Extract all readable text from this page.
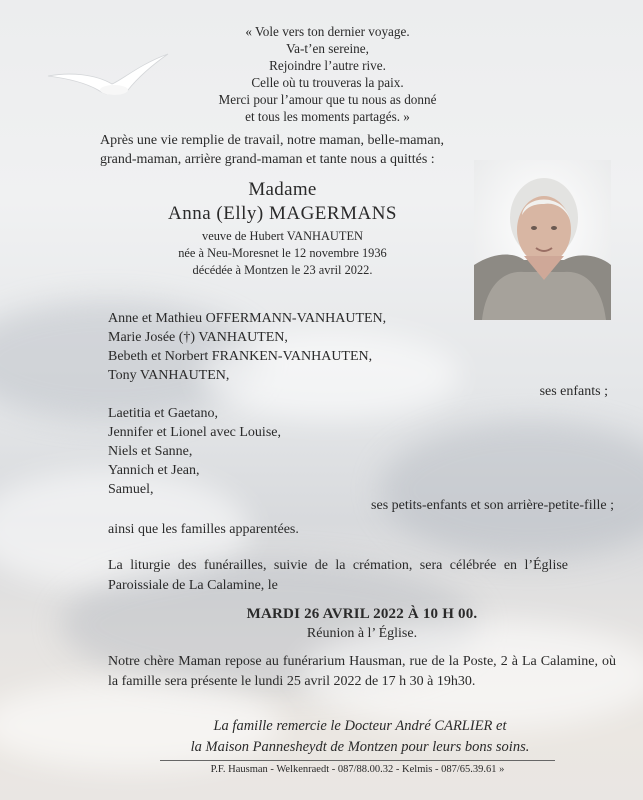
« Vole vers ton dernier voyage.
Va-t’en sereine,
Rejoindre l’autre rive.
Celle où tu trouveras la paix.
Merci pour l’amour que tu nous as donné
et tous les moments partagés. »
Après une vie remplie de travail, notre maman, belle-maman,
grand-maman, arrière grand-maman et tante nous a quittés :
Madame
Anna (Elly) MAGERMANS
veuve de Hubert VANHAUTEN
née à Neu-Moresnet le 12 novembre 1936
décédée à Montzen le 23 avril 2022.
Anne et Mathieu OFFERMANN-VANHAUTEN,
Marie Josée (†) VANHAUTEN,
Bebeth et Norbert FRANKEN-VANHAUTEN,
Tony VANHAUTEN,
ses enfants ;
Laetitia et Gaetano,
Jennifer et Lionel avec Louise,
Niels et Sanne,
Yannich et Jean,
Samuel,
ses petits-enfants et son arrière-petite-fille ;
ainsi que les familles apparentées.
La liturgie des funérailles, suivie de la crémation, sera célébrée en l’Église Paroissiale de La Calamine, le
MARDI 26 AVRIL 2022 À 10 H 00.
Réunion à l’ Église.
Notre chère Maman repose au funérarium Hausman, rue de la Poste, 2 à La Calamine, où la famille sera présente le lundi 25 avril 2022 de 17 h 30 à 19h30.
La famille remercie le Docteur André CARLIER et
la Maison Pannesheydt de Montzen pour leurs bons soins.
P.F. Hausman - Welkenraedt - 087/88.00.32 - Kelmis - 087/65.39.61 »
